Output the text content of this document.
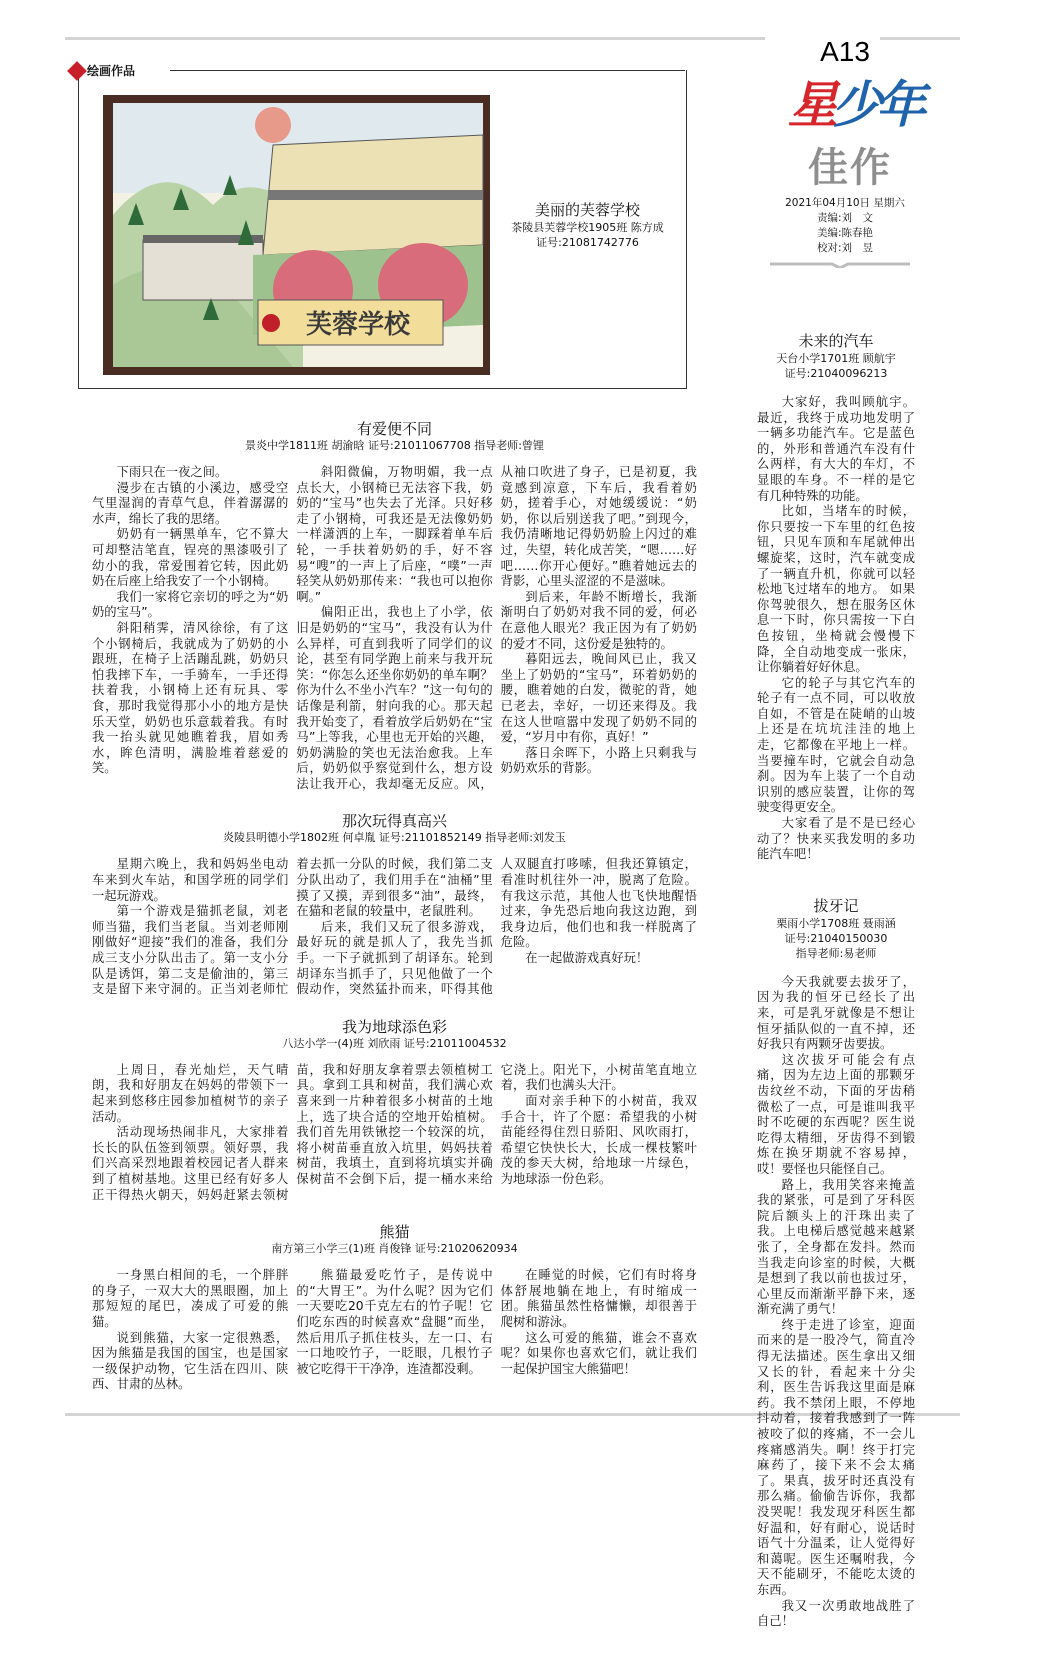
A13
星少年
佳作
2021年04月10日 星期六
责编:刘　文
美编:陈春艳
校对:刘　昱
绘画作品
芙蓉学校
美丽的芙蓉学校
茶陵县芙蓉学校1905班 陈方成
证号:21081742776
有爱便不同
景炎中学1811班 胡渝晗 证号:21011067708 指导老师:曾锂

下雨只在一夜之间。

漫步在古镇的小溪边，感受空气里湿润的青草气息，伴着潺潺的水声，绵长了我的思绪。

奶奶有一辆黑单车，它不算大可却整洁笔直，锃亮的黑漆吸引了幼小的我，常爱围着它转，因此奶奶在后座上给我安了一个小钢椅。

我们一家将它亲切的呼之为“奶奶的宝马”。

斜阳稍霁，清风徐徐，有了这个小钢椅后，我就成为了奶奶的小跟班，在椅子上活蹦乱跳，奶奶只怕我摔下车，一手骑车，一手还得扶着我，小钢椅上还有玩具、零食，那时我觉得那小小的地方是快乐天堂，奶奶也乐意载着我。有时我一抬头就见她瞧着我，眉如秀水，眸色清明，满脸堆着慈爱的笑。

斜阳微偏，万物明媚，我一点点长大，小钢椅已无法容下我，奶奶的“宝马”也失去了光泽。只好移走了小钢椅，可我还是无法像奶奶一样潇洒的上车，一脚踩着单车后轮，一手扶着奶奶的手，好不容易“嗖”的一声上了后座，“噗”一声轻笑从奶奶那传来：“我也可以抱你啊。”

偏阳正出，我也上了小学，依旧是奶奶的“宝马”，我没有认为什么异样，可直到我听了同学们的议论，甚至有同学跑上前来与我开玩笑：“你怎么还坐你奶奶的单车啊？你为什么不坐小汽车？”这一句句的话像是利箭，射向我的心。那天起我开始变了，看着放学后奶奶在“宝马”上等我，心里也无开始的兴趣，奶奶满脸的笑也无法治愈我。上车后，奶奶似乎察觉到什么，想方设法让我开心，我却毫无反应。风，从袖口吹进了身子，已是初夏，我竟感到凉意，下车后，我看着奶奶，搓着手心，对她缓缓说：“奶奶，你以后别送我了吧。”到现今，我仍清晰地记得奶奶脸上闪过的难过，失望，转化成苦笑，“嗯……好吧……你开心便好。”瞧着她远去的背影，心里头涩涩的不是滋味。

到后来，年龄不断增长，我渐渐明白了奶奶对我不同的爱，何必在意他人眼光？我正因为有了奶奶的爱才不同，这份爱是独特的。

暮阳远去，晚间风已止，我又坐上了奶奶的“宝马”，环着奶奶的腰，瞧着她的白发，微驼的背，她已老去，幸好，一切还来得及。我在这人世喧嚣中发现了奶奶不同的爱，“岁月中有你，真好！”

落日余晖下，小路上只剩我与奶奶欢乐的背影。

那次玩得真高兴
炎陵县明德小学1802班 何卓胤 证号:21101852149 指导老师:刘发玉

星期六晚上，我和妈妈坐电动车来到火车站，和国学班的同学们一起玩游戏。

第一个游戏是猫抓老鼠，刘老师当猫，我们当老鼠。当刘老师刚刚做好“迎接”我们的准备，我们分成三支小分队出击了。第一支小分队是诱饵，第二支是偷油的，第三支是留下来守洞的。正当刘老师忙着去抓一分队的时候，我们第二支分队出动了，我们用手在“油桶”里摸了又摸，弄到很多“油”，最终，在猫和老鼠的较量中，老鼠胜利。

后来，我们又玩了很多游戏，最好玩的就是抓人了，我先当抓手。一下子就抓到了胡译东。轮到胡译东当抓手了，只见他做了一个假动作，突然猛扑而来，吓得其他人双腿直打哆嗦，但我还算镇定，看准时机往外一冲，脱离了危险。有我这示范，其他人也飞快地醒悟过来，争先恐后地向我这边跑，到我身边后，他们也和我一样脱离了危险。

在一起做游戏真好玩！

我为地球添色彩
八达小学一(4)班 刘欣雨 证号:21011004532

上周日，春光灿烂，天气晴朗，我和好朋友在妈妈的带领下一起来到悠移庄园参加植树节的亲子活动。

活动现场热闹非凡，大家排着长长的队伍签到领票。领好票，我们兴高采烈地跟着校园记者人群来到了植树基地。这里已经有好多人正干得热火朝天，妈妈赶紧去领树苗，我和好朋友拿着票去领植树工具。拿到工具和树苗，我们满心欢喜来到一片种着很多小树苗的土地上，选了块合适的空地开始植树。我们首先用铁锹挖一个较深的坑，将小树苗垂直放入坑里，妈妈扶着树苗，我填土，直到将坑填实并确保树苗不会倒下后，提一桶水来给它浇上。阳光下，小树苗笔直地立着，我们也满头大汗。

面对亲手种下的小树苗，我双手合十，许了个愿：希望我的小树苗能经得住烈日骄阳、风吹雨打，希望它快快长大，长成一棵枝繁叶茂的参天大树，给地球一片绿色，为地球添一份色彩。

熊猫
南方第三小学三(1)班 肖俊锋 证号:21020620934

一身黑白相间的毛，一个胖胖的身子，一双大大的黑眼圈，加上那短短的尾巴，凑成了可爱的熊猫。

说到熊猫，大家一定很熟悉，因为熊猫是我国的国宝，也是国家一级保护动物，它生活在四川、陕西、甘肃的丛林。

熊猫最爱吃竹子，是传说中的“大胃王”。为什么呢？因为它们一天要吃20千克左右的竹子呢！它们吃东西的时候喜欢“盘腿”而坐，然后用爪子抓住枝头，左一口、右一口地咬竹子，一眨眼，几根竹子被它吃得干干净净，连渣都没剩。

在睡觉的时候，它们有时将身体舒展地躺在地上，有时缩成一团。熊猫虽然性格慵懒，却很善于爬树和游泳。

这么可爱的熊猫，谁会不喜欢呢？如果你也喜欢它们，就让我们一起保护国宝大熊猫吧！

未来的汽车
天台小学1701班 顾航宇
证号:21040096213

大家好，我叫顾航宇。最近，我终于成功地发明了一辆多功能汽车。它是蓝色的，外形和普通汽车没有什么两样，有大大的车灯，不显眼的车身。不一样的是它有几种特殊的功能。

比如，当堵车的时候，你只要按一下车里的红色按钮，只见车顶和车尾就伸出螺旋桨，这时，汽车就变成了一辆直升机，你就可以轻松地飞过堵车的地方。 如果你驾驶很久，想在服务区休息一下时，你只需按一下白色按钮，坐椅就会慢慢下降，全自动地变成一张床，让你躺着好好休息。

它的轮子与其它汽车的轮子有一点不同，可以收放自如，不管是在陡峭的山坡上还是在坑坑洼洼的地上走，它都像在平地上一样。当要撞车时，它就会自动急刹。因为车上装了一个自动识别的感应装置，让你的驾驶变得更安全。

大家看了是不是已经心动了？快来买我发明的多功能汽车吧！

拔牙记
栗雨小学1708班 聂雨涵
证号:21040150030
指导老师:易老师

今天我就要去拔牙了，因为我的恒牙已经长了出来，可是乳牙就像是不想让恒牙插队似的一直不掉，还好我只有两颗牙齿要拔。

这次拔牙可能会有点痛，因为左边上面的那颗牙齿纹丝不动，下面的牙齿稍微松了一点，可是谁叫我平时不吃硬的东西呢？医生说吃得太精细，牙齿得不到锻炼在换牙期就不容易掉，哎！要怪也只能怪自己。

路上，我用笑容来掩盖我的紧张，可是到了牙科医院后额头上的汗珠出卖了我。上电梯后感觉越来越紧张了，全身都在发抖。然而当我走向诊室的时候，大概是想到了我以前也拔过牙，心里反而渐渐平静下来，逐渐充满了勇气！

终于走进了诊室，迎面而来的是一股冷气，简直冷得无法描述。医生拿出又细又长的针，看起来十分尖利，医生告诉我这里面是麻药。我不禁闭上眼，不停地抖动着，接着我感到了一阵被咬了似的疼痛，不一会儿疼痛感消失。啊！终于打完麻药了，接下来不会太痛了。果真，拔牙时还真没有那么痛。偷偷告诉你，我都没哭呢！我发现牙科医生都好温和，好有耐心，说话时语气十分温柔，让人觉得好和蔼呢。医生还嘱咐我，今天不能刷牙，不能吃太烫的东西。

我又一次勇敢地战胜了自己！
